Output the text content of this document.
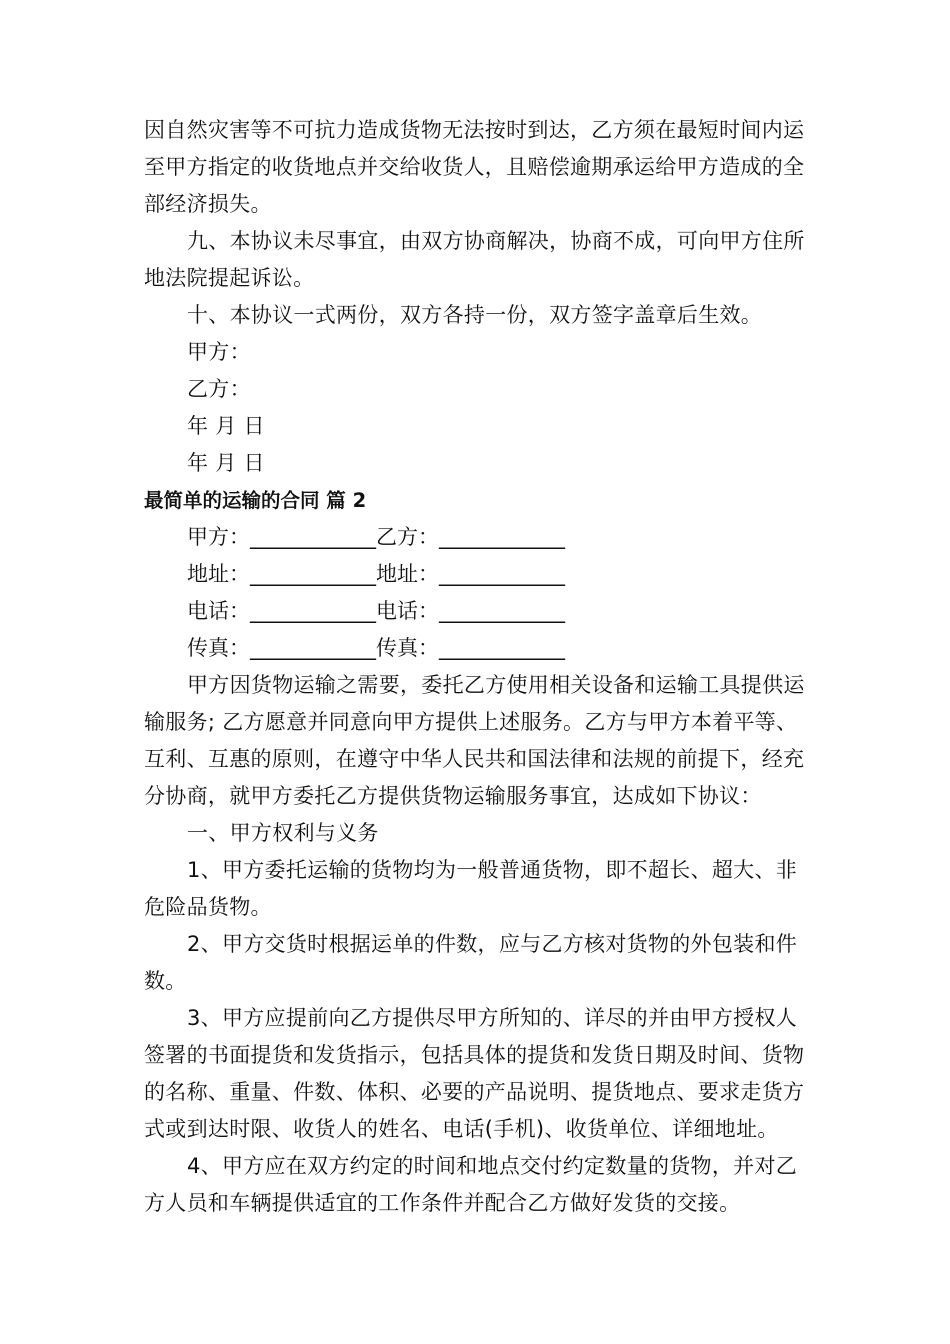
因自然灾害等不可抗力造成货物无法按时到达，乙方须在最短时间内运至甲方指定的收货地点并交给收货人，且赔偿逾期承运给甲方造成的全部经济损失。

九、本协议未尽事宜，由双方协商解决，协商不成，可向甲方住所地法院提起诉讼。

十、本协议一式两份，双方各持一份，双方签字盖章后生效。

甲方：

乙方：

年 月 日

年 月 日

最简单的运输的合同 篇 2
甲方：____________ 乙方：____________
地址：____________ 地址：____________
电话：____________ 电话：____________
传真：____________ 传真：____________

甲方因货物运输之需要，委托乙方使用相关设备和运输工具提供运输服务; 乙方愿意并同意向甲方提供上述服务。乙方与甲方本着平等、互利、互惠的原则，在遵守中华人民共和国法律和法规的前提下，经充分协商，就甲方委托乙方提供货物运输服务事宜，达成如下协议：

一、甲方权利与义务

1、甲方委托运输的货物均为一般普通货物，即不超长、超大、非危险品货物。

2、甲方交货时根据运单的件数，应与乙方核对货物的外包装和件数。

3、甲方应提前向乙方提供尽甲方所知的、详尽的并由甲方授权人签署的书面提货和发货指示，包括具体的提货和发货日期及时间、货物的名称、重量、件数、体积、必要的产品说明、提货地点、要求走货方式或到达时限、收货人的姓名、电话(手机)、收货单位、详细地址。

4、甲方应在双方约定的时间和地点交付约定数量的货物，并对乙方人员和车辆提供适宜的工作条件并配合乙方做好发货的交接。
